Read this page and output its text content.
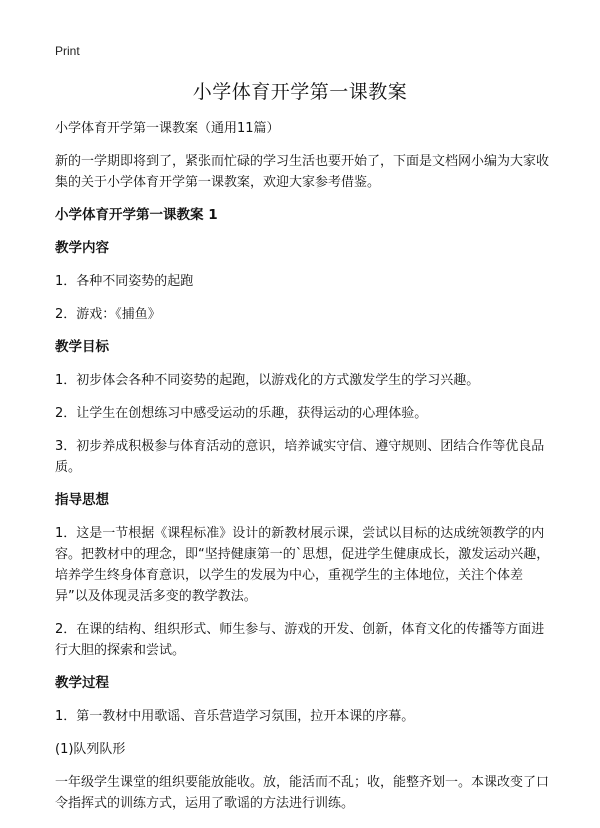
Print
小学体育开学第一课教案
小学体育开学第一课教案（通用11篇）
新的一学期即将到了，紧张而忙碌的学习生活也要开始了，下面是文档网小编为大家收集的关于小学体育开学第一课教案，欢迎大家参考借鉴。
小学体育开学第一课教案 1
教学内容
1．各种不同姿势的起跑
2．游戏：《捕鱼》
教学目标
1．初步体会各种不同姿势的起跑，以游戏化的方式激发学生的学习兴趣。
2．让学生在创想练习中感受运动的乐趣，获得运动的心理体验。
3．初步养成积极参与体育活动的意识，培养诚实守信、遵守规则、团结合作等优良品质。
指导思想
1．这是一节根据《课程标准》设计的新教材展示课，尝试以目标的达成统领教学的内容。把教材中的理念，即“坚持健康第一的`思想，促进学生健康成长，激发运动兴趣，培养学生终身体育意识，以学生的发展为中心，重视学生的主体地位，关注个体差异”以及体现灵活多变的教学教法。
2．在课的结构、组织形式、师生参与、游戏的开发、创新，体育文化的传播等方面进行大胆的探索和尝试。
教学过程
1．第一教材中用歌谣、音乐营造学习氛围，拉开本课的序幕。
(1)队列队形
一年级学生课堂的组织要能放能收。放，能活而不乱；收，能整齐划一。本课改变了口令指挥式的训练方式，运用了歌谣的方法进行训练。
